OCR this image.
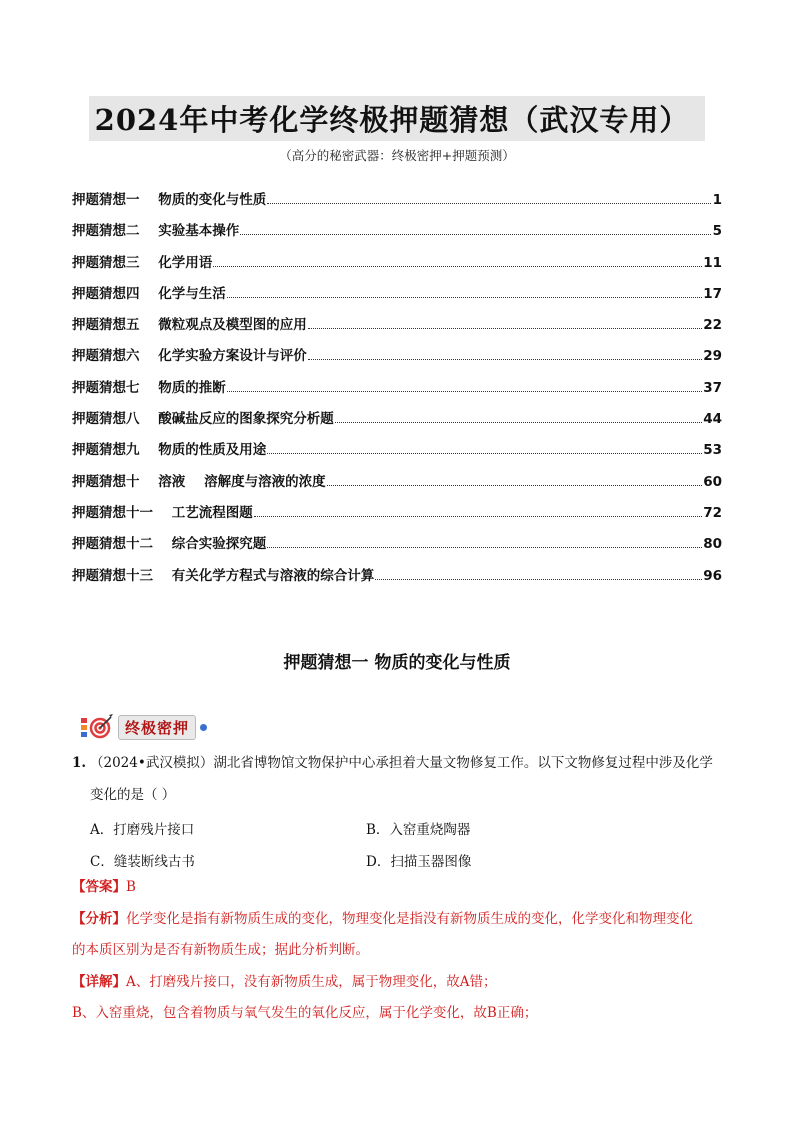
2024年中考化学终极押题猜想（武汉专用）
（高分的秘密武器：终极密押+押题预测）
押题猜想一    物质的变化与性质	1
押题猜想二    实验基本操作	5
押题猜想三    化学用语	11
押题猜想四    化学与生活	17
押题猜想五    微粒观点及模型图的应用	22
押题猜想六    化学实验方案设计与评价	29
押题猜想七    物质的推断	37
押题猜想八    酸碱盐反应的图象探究分析题	44
押题猜想九    物质的性质及用途	53
押题猜想十    溶液    溶解度与溶液的浓度	60
押题猜想十一    工艺流程图题	72
押题猜想十二    综合实验探究题	80
押题猜想十三    有关化学方程式与溶液的综合计算	96
押题猜想一 物质的变化与性质
终极密押
1. （2024•武汉模拟）湖北省博物馆文物保护中心承担着大量文物修复工作。以下文物修复过程中涉及化学
变化的是（ ）
A．打磨残片接口	B．入窑重烧陶器
C．缝装断线古书	D．扫描玉器图像
【答案】B
【分析】化学变化是指有新物质生成的变化，物理变化是指没有新物质生成的变化，化学变化和物理变化
的本质区别为是否有新物质生成；据此分析判断。
【详解】A、打磨残片接口，没有新物质生成，属于物理变化，故A错；
B、入窑重烧，包含着物质与氧气发生的氧化反应，属于化学变化，故B正确；
